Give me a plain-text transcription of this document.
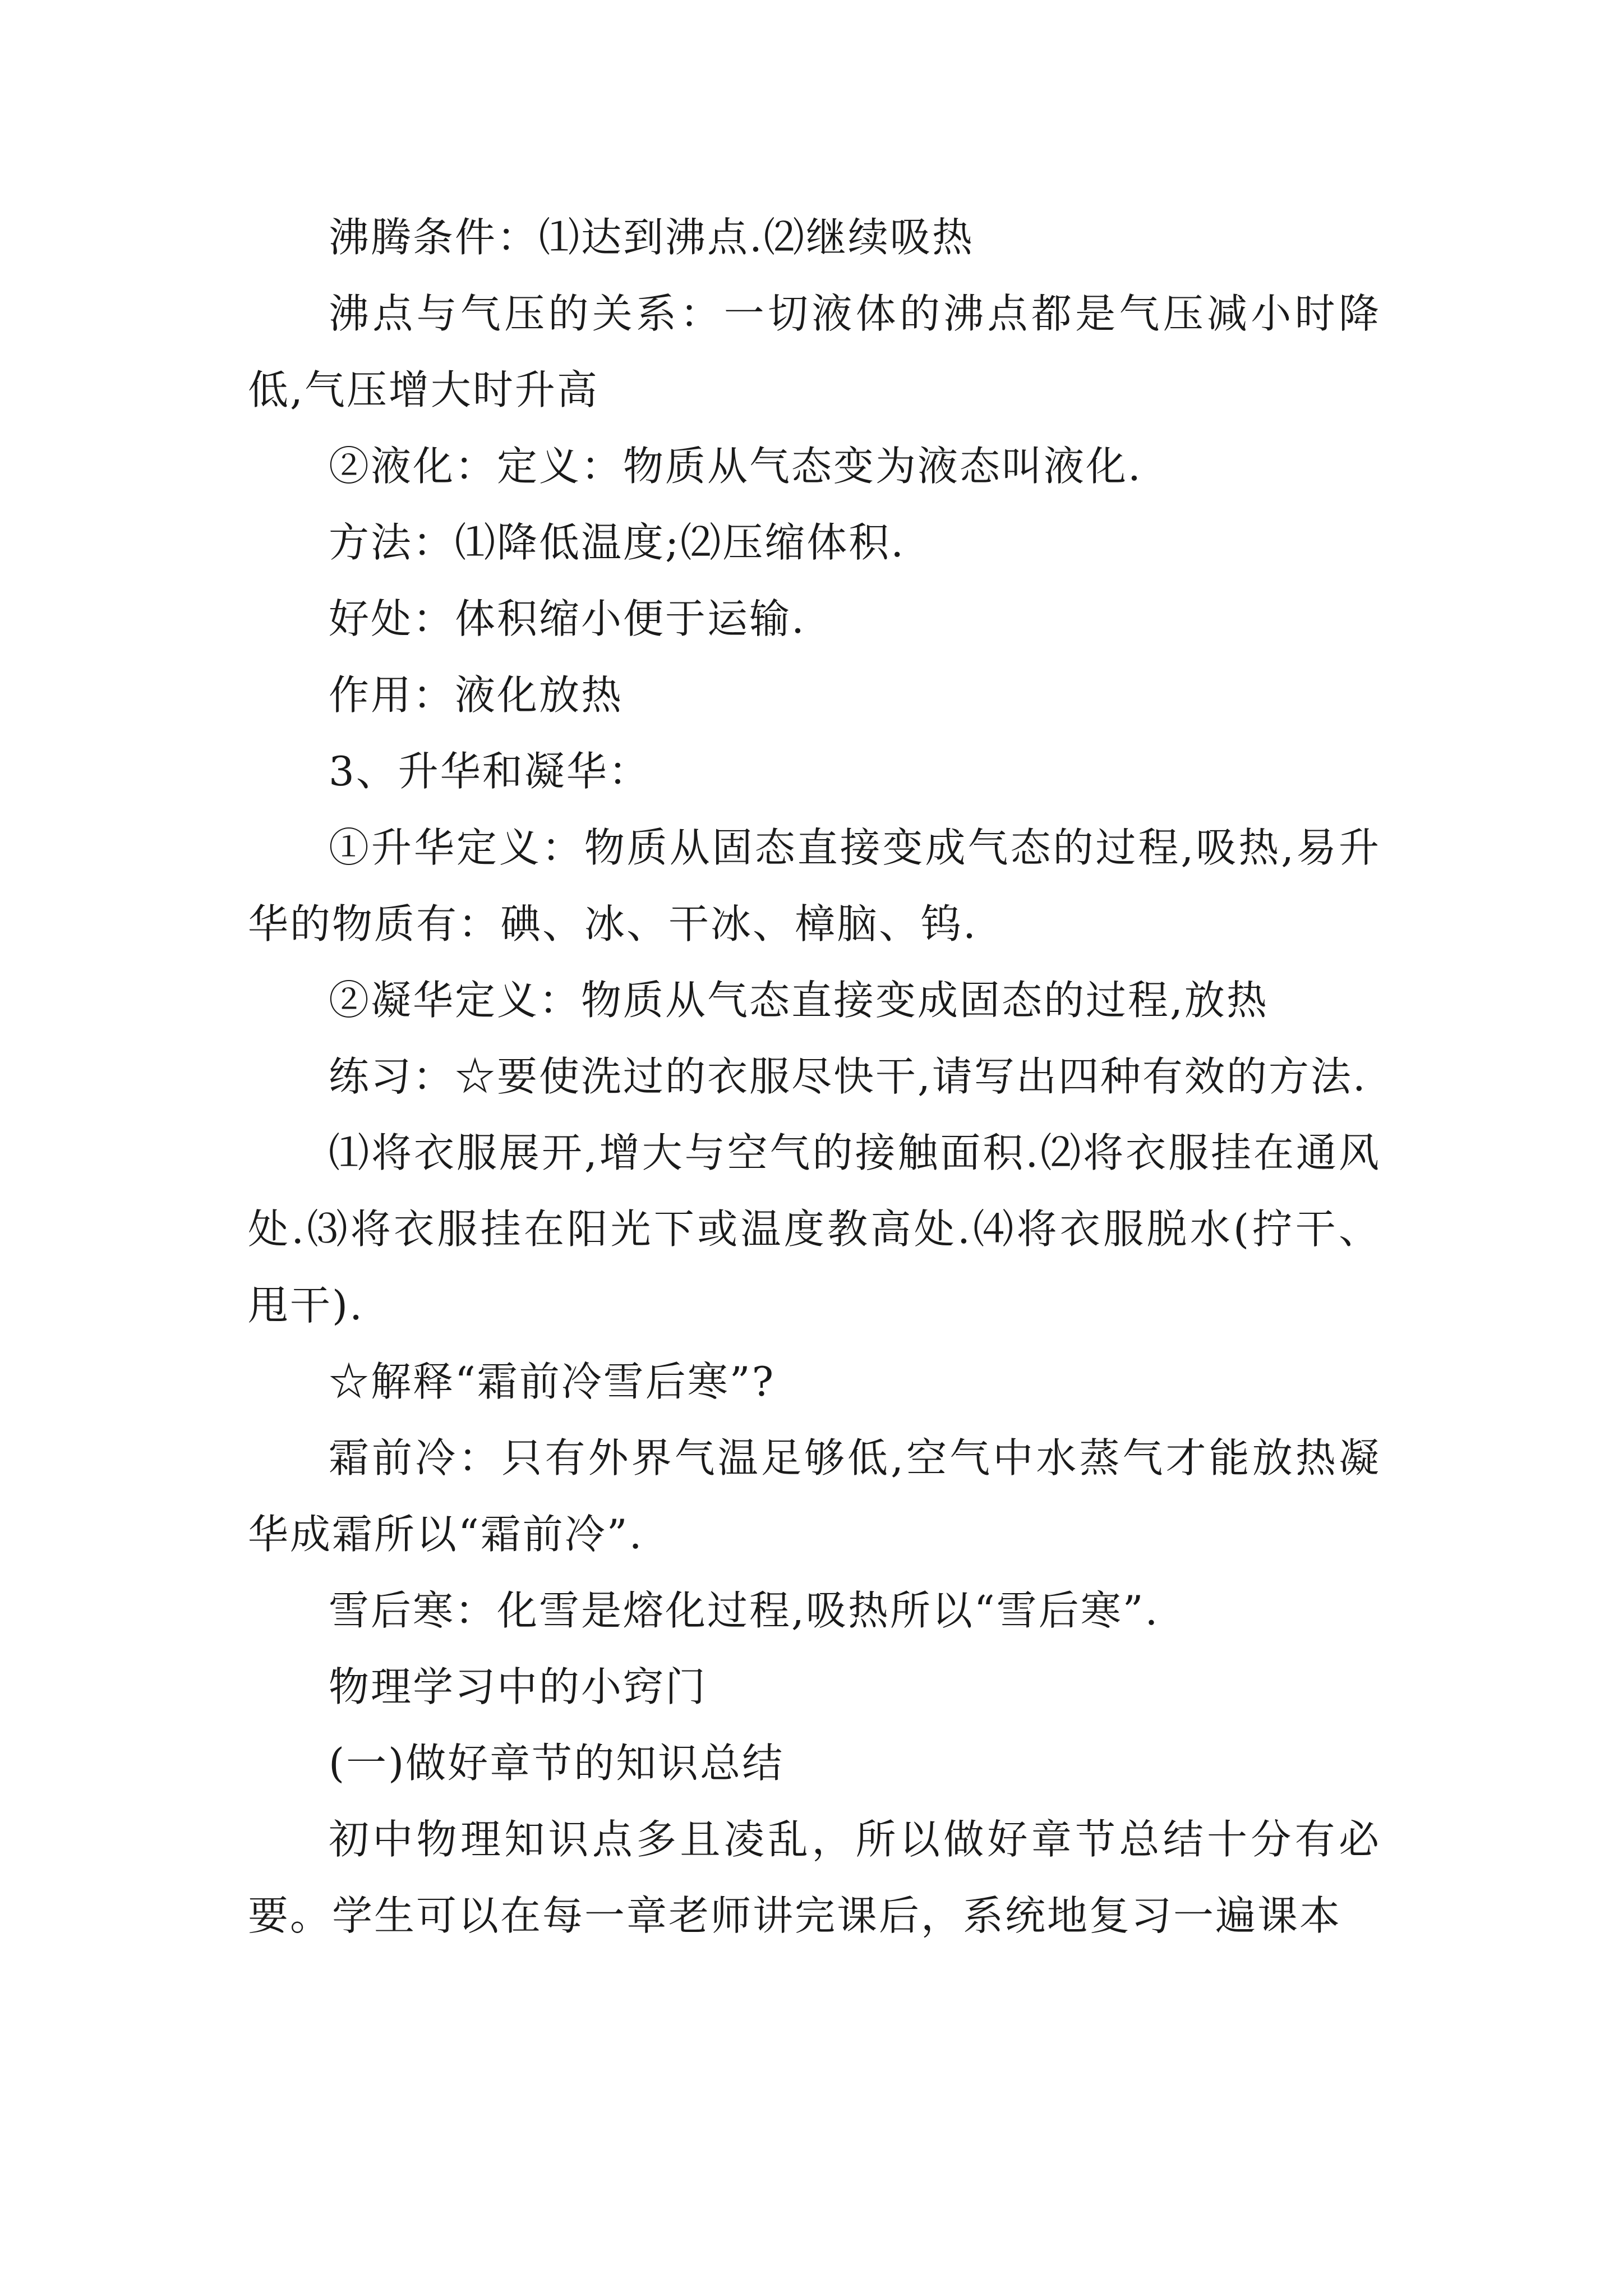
沸腾条件：⑴达到沸点.⑵继续吸热

沸点与气压的关系：一切液体的沸点都是气压减小时降低,气压增大时升高

②液化：定义：物质从气态变为液态叫液化.

方法：⑴降低温度;⑵压缩体积.

好处：体积缩小便于运输.

作用：液化放热

3、升华和凝华：

①升华定义：物质从固态直接变成气态的过程,吸热,易升华的物质有：碘、冰、干冰、樟脑、钨.

②凝华定义：物质从气态直接变成固态的过程,放热

练习：☆要使洗过的衣服尽快干,请写出四种有效的方法.

⑴将衣服展开,增大与空气的接触面积.⑵将衣服挂在通风处.⑶将衣服挂在阳光下或温度教高处.⑷将衣服脱水(拧干、甩干).

☆解释“霜前冷雪后寒”?

霜前冷：只有外界气温足够低,空气中水蒸气才能放热凝华成霜所以“霜前冷”.

雪后寒：化雪是熔化过程,吸热所以“雪后寒”.

物理学习中的小窍门

(一)做好章节的知识总结

初中物理知识点多且凌乱，所以做好章节总结十分有必要。学生可以在每一章老师讲完课后，系统地复习一遍课本
